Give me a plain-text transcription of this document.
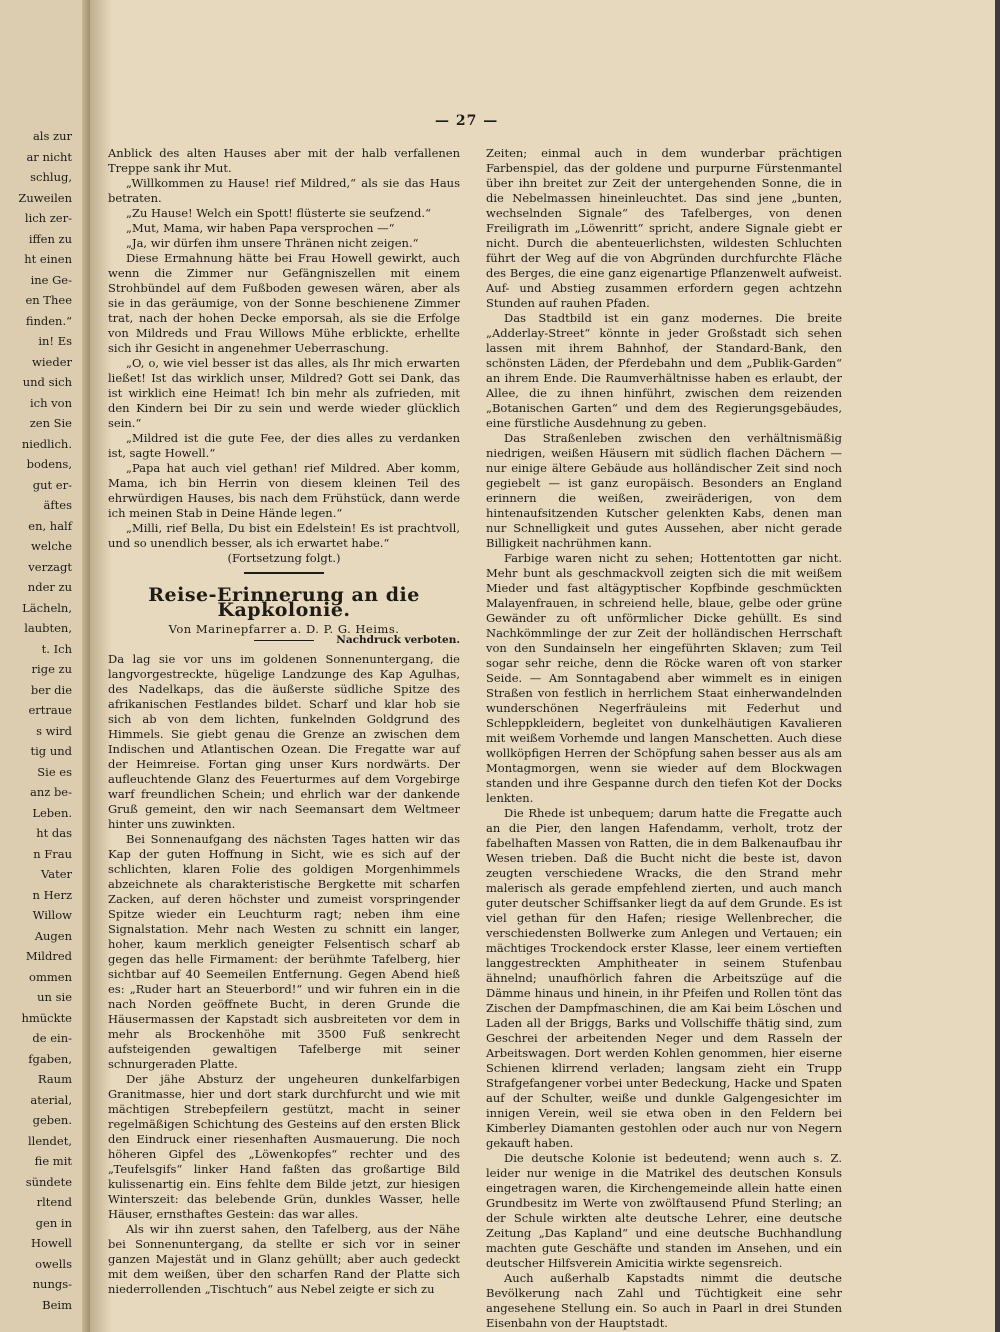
als zur
ar nicht
schlug,
Zuweilen
lich zer-
iffen zu
ht einen
ine Ge-
en Thee
finden.“
in! Es
wieder
und sich
ich von
zen Sie
niedlich.
bodens,
gut er-
äftes
en, half
welche
verzagt
nder zu
Lächeln,
laubten,
t. Ich
rige zu
ber die
ertraue
s wird
tig und
Sie es
anz be-
Leben.
ht das
n Frau
Vater
n Herz
Willow
Augen
Mildred
ommen
un sie
hmückte
de ein-
fgaben,
Raum
aterial,
geben.
llendet,
fie mit
sündete
rltend
gen in
Howell
owells
nungs-
Beim
— 27 —

Anblick des alten Hauses aber mit der halb verfallenen Treppe sank ihr Mut.

„Willkommen zu Hause! rief Mildred,“ als sie das Haus betraten.

„Zu Hause! Welch ein Spott! flüsterte sie seufzend.“

„Mut, Mama, wir haben Papa versprochen —“

„Ja, wir dürfen ihm unsere Thränen nicht zeigen.“

Diese Ermahnung hätte bei Frau Howell gewirkt, auch wenn die Zimmer nur Gefängniszellen mit einem Strohbündel auf dem Fußboden gewesen wären, aber als sie in das geräumige, von der Sonne beschienene Zimmer trat, nach der hohen Decke emporsah, als sie die Erfolge von Mildreds und Frau Willows Mühe erblickte, erhellte sich ihr Gesicht in angenehmer Ueberraschung.

„O, o, wie viel besser ist das alles, als Ihr mich erwarten ließet! Ist das wirklich unser, Mildred? Gott sei Dank, das ist wirklich eine Heimat! Ich bin mehr als zufrieden, mit den Kindern bei Dir zu sein und werde wieder glücklich sein.“

„Mildred ist die gute Fee, der dies alles zu verdanken ist, sagte Howell.“

„Papa hat auch viel gethan! rief Mildred. Aber komm, Mama, ich bin Herrin von diesem kleinen Teil des ehrwürdigen Hauses, bis nach dem Frühstück, dann werde ich meinen Stab in Deine Hände legen.“

„Milli, rief Bella, Du bist ein Edelstein! Es ist prachtvoll, und so unendlich besser, als ich erwartet habe.“

(Fortsetzung folgt.)

Reise-Erinnerung an die Kapkolonie.
Von Marinepfarrer a. D. P. G. Heims.
Nachdruck verboten.

Da lag sie vor uns im goldenen Sonnenuntergang, die langvorgestreckte, hügelige Landzunge des Kap Agulhas, des Nadelkaps, das die äußerste südliche Spitze des afrikanischen Festlandes bildet. Scharf und klar hob sie sich ab von dem lichten, funkelnden Goldgrund des Himmels. Sie giebt genau die Grenze an zwischen dem Indischen und Atlantischen Ozean. Die Fregatte war auf der Heimreise. Fortan ging unser Kurs nordwärts. Der aufleuchtende Glanz des Feuerturmes auf dem Vorgebirge warf freundlichen Schein; und ehrlich war der dankende Gruß gemeint, den wir nach Seemansart dem Weltmeer hinter uns zuwinkten.

Bei Sonnenaufgang des nächsten Tages hatten wir das Kap der guten Hoffnung in Sicht, wie es sich auf der schlichten, klaren Folie des goldigen Morgenhimmels abzeichnete als charakteristische Bergkette mit scharfen Zacken, auf deren höchster und zumeist vorspringender Spitze wieder ein Leuchturm ragt; neben ihm eine Signalstation. Mehr nach Westen zu schnitt ein langer, hoher, kaum merklich geneigter Felsentisch scharf ab gegen das helle Firmament: der berühmte Tafelberg, hier sichtbar auf 40 Seemeilen Entfernung. Gegen Abend hieß es: „Ruder hart an Steuerbord!“ und wir fuhren ein in die nach Norden geöffnete Bucht, in deren Grunde die Häusermassen der Kapstadt sich ausbreiteten vor dem in mehr als Brockenhöhe mit 3500 Fuß senkrecht aufsteigenden gewaltigen Tafelberge mit seiner schnurgeraden Platte.

Der jähe Absturz der ungeheuren dunkelfarbigen Granitmasse, hier und dort stark durchfurcht und wie mit mächtigen Strebepfeilern gestützt, macht in seiner regelmäßigen Schichtung des Gesteins auf den ersten Blick den Eindruck einer riesenhaften Ausmauerung. Die noch höheren Gipfel des „Löwenkopfes“ rechter und des „Teufelsgifs“ linker Hand faßten das großartige Bild kulissenartig ein. Eins fehlte dem Bilde jetzt, zur hiesigen Winterszeit: das belebende Grün, dunkles Wasser, helle Häuser, ernsthaftes Gestein: das war alles.

Als wir ihn zuerst sahen, den Tafelberg, aus der Nähe bei Sonnenuntergang, da stellte er sich vor in seiner ganzen Majestät und in Glanz gehüllt; aber auch gedeckt mit dem weißen, über den scharfen Rand der Platte sich niederrollenden „Tischtuch“ aus Nebel zeigte er sich zu

Zeiten; einmal auch in dem wunderbar prächtigen Farbenspiel, das der goldene und purpurne Fürstenmantel über ihn breitet zur Zeit der untergehenden Sonne, die in die Nebelmassen hineinleuchtet. Das sind jene „bunten, wechselnden Signale“ des Tafelberges, von denen Freiligrath im „Löwenritt“ spricht, andere Signale giebt er nicht. Durch die abenteuerlichsten, wildesten Schluchten führt der Weg auf die von Abgründen durchfurchte Fläche des Berges, die eine ganz eigenartige Pflanzenwelt aufweist. Auf- und Abstieg zusammen erfordern gegen achtzehn Stunden auf rauhen Pfaden.

Das Stadtbild ist ein ganz modernes. Die breite „Adderlay-Street“ könnte in jeder Großstadt sich sehen lassen mit ihrem Bahnhof, der Standard-Bank, den schönsten Läden, der Pferdebahn und dem „Publik-Garden“ an ihrem Ende. Die Raumverhältnisse haben es erlaubt, der Allee, die zu ihnen hinführt, zwischen dem reizenden „Botanischen Garten“ und dem des Regierungsgebäudes, eine fürstliche Ausdehnung zu geben.

Das Straßenleben zwischen den verhältnismäßig niedrigen, weißen Häusern mit südlich flachen Dächern — nur einige ältere Gebäude aus holländischer Zeit sind noch gegiebelt — ist ganz europäisch. Besonders an England erinnern die weißen, zweiräderigen, von dem hintenaufsitzenden Kutscher gelenkten Kabs, denen man nur Schnelligkeit und gutes Aussehen, aber nicht gerade Billigkeit nachrühmen kann.

Farbige waren nicht zu sehen; Hottentotten gar nicht. Mehr bunt als geschmackvoll zeigten sich die mit weißem Mieder und fast altägyptischer Kopfbinde geschmückten Malayenfrauen, in schreiend helle, blaue, gelbe oder grüne Gewänder zu oft unförmlicher Dicke gehüllt. Es sind Nachkömmlinge der zur Zeit der holländischen Herrschaft von den Sundainseln her eingeführten Sklaven; zum Teil sogar sehr reiche, denn die Röcke waren oft von starker Seide. — Am Sonntagabend aber wimmelt es in einigen Straßen von festlich in herrlichem Staat einherwandelnden wunderschönen Negerfräuleins mit Federhut und Schleppkleidern, begleitet von dunkelhäutigen Kavalieren mit weißem Vorhemde und langen Manschetten. Auch diese wollköpfigen Herren der Schöpfung sahen besser aus als am Montagmorgen, wenn sie wieder auf dem Blockwagen standen und ihre Gespanne durch den tiefen Kot der Docks lenkten.

Die Rhede ist unbequem; darum hatte die Fregatte auch an die Pier, den langen Hafendamm, verholt, trotz der fabelhaften Massen von Ratten, die in dem Balkenaufbau ihr Wesen trieben. Daß die Bucht nicht die beste ist, davon zeugten verschiedene Wracks, die den Strand mehr malerisch als gerade empfehlend zierten, und auch manch guter deutscher Schiffsanker liegt da auf dem Grunde. Es ist viel gethan für den Hafen; riesige Wellenbrecher, die verschiedensten Bollwerke zum Anlegen und Vertauen; ein mächtiges Trockendock erster Klasse, leer einem vertieften langgestreckten Amphitheater in seinem Stufenbau ähnelnd; unaufhörlich fahren die Arbeitszüge auf die Dämme hinaus und hinein, in ihr Pfeifen und Rollen tönt das Zischen der Dampfmaschinen, die am Kai beim Löschen und Laden all der Briggs, Barks und Vollschiffe thätig sind, zum Geschrei der arbeitenden Neger und dem Rasseln der Arbeitswagen. Dort werden Kohlen genommen, hier eiserne Schienen klirrend verladen; langsam zieht ein Trupp Strafgefangener vorbei unter Bedeckung, Hacke und Spaten auf der Schulter, weiße und dunkle Galgengesichter im innigen Verein, weil sie etwa oben in den Feldern bei Kimberley Diamanten gestohlen oder auch nur von Negern gekauft haben.

Die deutsche Kolonie ist bedeutend; wenn auch s. Z. leider nur wenige in die Matrikel des deutschen Konsuls eingetragen waren, die Kirchengemeinde allein hatte einen Grundbesitz im Werte von zwölftausend Pfund Sterling; an der Schule wirkten alte deutsche Lehrer, eine deutsche Zeitung „Das Kapland“ und eine deutsche Buchhandlung machten gute Geschäfte und standen im Ansehen, und ein deutscher Hilfsverein Amicitia wirkte segensreich.

Auch außerhalb Kapstadts nimmt die deutsche Bevölkerung nach Zahl und Tüchtigkeit eine sehr angesehene Stellung ein. So auch in Paarl in drei Stunden Eisenbahn von der Hauptstadt.
